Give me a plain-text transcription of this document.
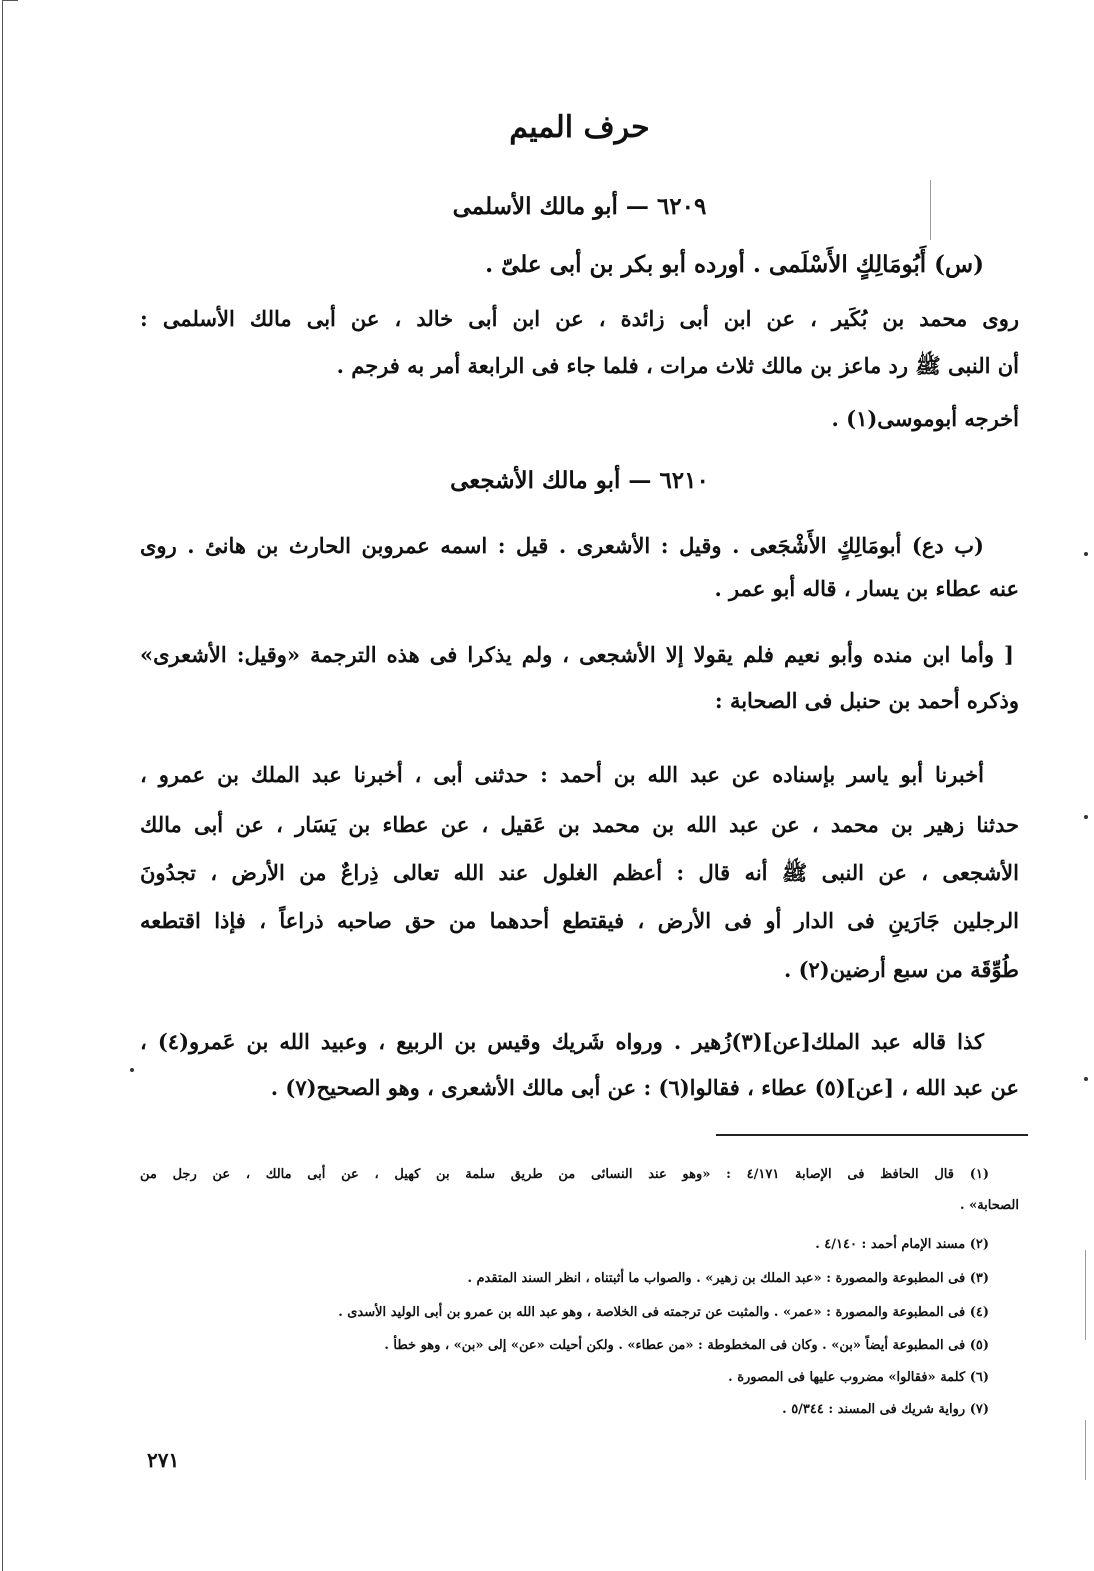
حرف الميم
٦٢٠٩ — أبو مالك الأسلمى
(س) أَبُومَالِكٍ الأَسْلَمى . أورده أبو بكر بن أبى علىّ .
روى محمد بن بُكَير ، عن ابن أبى زائدة ، عن ابن أبى خالد ، عن أبى مالك الأسلمى :
أن النبى ﷺ رد ماعز بن مالك ثلاث مرات ، فلما جاء فى الرابعة أمر به فرجم .
أخرجه أبوموسى(١) .
٦٢١٠ — أبو مالك الأشجعى
(ب دع) أبومَالِكٍ الأَشْجَعى . وقيل : الأشعرى . قيل : اسمه عمروبن الحارث بن هانئ . روى
عنه عطاء بن يسار ، قاله أبو عمر .
[ وأما ابن منده وأبو نعيم فلم يقولا إلا الأشجعى ، ولم يذكرا فى هذه الترجمة «وقيل: الأشعرى»
وذكره أحمد بن حنبل فى الصحابة :
أخبرنا أبو ياسر بإسناده عن عبد الله بن أحمد : حدثنى أبى ، أخبرنا عبد الملك بن عمرو ،
حدثنا زهير بن محمد ، عن عبد الله بن محمد بن عَقيل ، عن عطاء بن يَسَار ، عن أبى مالك
الأشجعى ، عن النبى ﷺ أنه قال : أعظم الغلول عند الله تعالى ذِراعٌ من الأرض ، تجدُونَ
الرجلين جَارَينِ فى الدار أو فى الأرض ، فيقتطع أحدهما من حق صاحبه ذراعاً ، فإذا اقتطعه
طُوِّقَة من سبع أرضين(٢) .
كذا قاله عبد الملك[عن](٣)زُهير . ورواه شَريك وقيس بن الربيع ، وعبيد الله بن عَمرو(٤) ،
عن عبد الله ، [عن](٥) عطاء ، فقالوا(٦) : عن أبى مالك الأشعرى ، وهو الصحيح(٧) .
(١) قال الحافظ فى الإصابة ٤/١٧١ : «وهو عند النسائى من طريق سلمة بن كهيل ، عن أبى مالك ، عن رجل من
الصحابة» .
(٢) مسند الإمام أحمد : ٤/١٤٠ .
(٣) فى المطبوعة والمصورة : «عبد الملك بن زهير» . والصواب ما أثبتناه ، انظر السند المتقدم .
(٤) فى المطبوعة والمصورة : «عمر» . والمثبت عن ترجمته فى الخلاصة ، وهو عبد الله بن عمرو بن أبى الوليد الأسدى .
(٥) فى المطبوعة أيضاً «بن» . وكان فى المخطوطة : «من عطاء» . ولكن أحيلت «عن» إلى «بن» ، وهو خطأ .
(٦) كلمة «فقالوا» مضروب عليها فى المصورة .
(٧) رواية شريك فى المسند : ٥/٣٤٤ .
٢٧١
